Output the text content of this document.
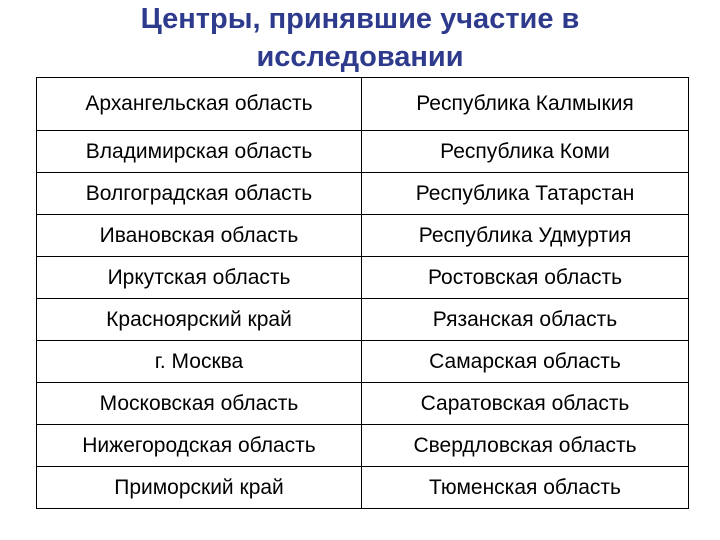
Центры, принявшие участие в
исследовании
Архангельская область	Республика Калмыкия
Владимирская область	Республика Коми
Волгоградская область	Республика Татарстан
Ивановская область	Республика Удмуртия
Иркутская область	Ростовская область
Красноярский край	Рязанская область
г. Москва	Самарская область
Московская область	Саратовская область
Нижегородская область	Свердловская область
Приморский край	Тюменская область
